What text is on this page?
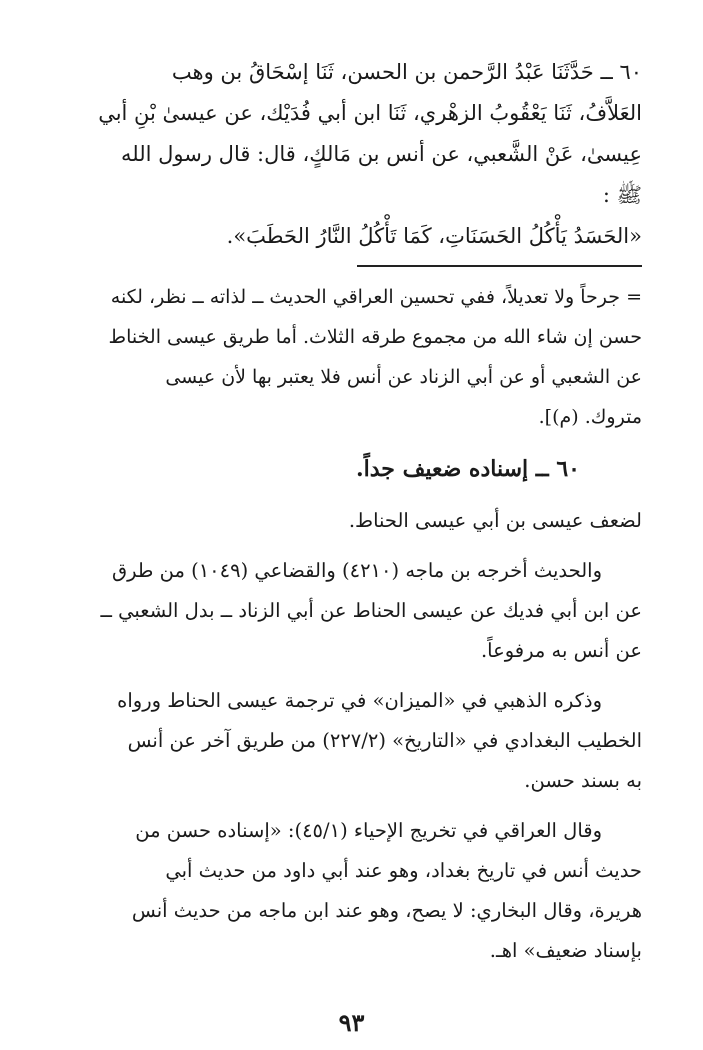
٦٠ ــ حَدَّثَنَا عَبْدُ الرَّحمن بن الحسن، ثَنَا إسْحَاقُ بن وهب
العَلاَّفُ، ثَنَا يَعْقُوبُ الزهْري، ثَنَا ابن أبي فُدَيْك، عن عيسىٰ بْنِ أبي
عِيسىٰ، عَنْ الشَّعبي، عن أنس بن مَالكٍ، قال: قال رسول الله
ﷺ :
«الحَسَدُ يَأْكُلُ الحَسَنَاتِ، كَمَا تَأْكُلُ النَّارُ الحَطَبَ».
= جرحاً ولا تعديلاً، ففي تحسين العراقي الحديث ــ لذاته ــ نظر، لكنه
حسن إن شاء الله من مجموع طرقه الثلاث. أما طريق عيسى الخناط
عن الشعبي أو عن أبي الزناد عن أنس فلا يعتبر بها لأن عيسى
متروك. (م)].
٦٠ ــ إسناده ضعيف جداً.
لضعف عيسى بن أبي عيسى الحناط.
والحديث أخرجه بن ماجه (٤٢١٠) والقضاعي (١٠٤٩) من طرق
عن ابن أبي فديك عن عيسى الحناط عن أبي الزناد ــ بدل الشعبي ــ
عن أنس به مرفوعاً.
وذكره الذهبي في «الميزان» في ترجمة عيسى الحناط ورواه
الخطيب البغدادي في «التاريخ» (٢٢٧/٢) من طريق آخر عن أنس
به بسند حسن.
وقال العراقي في تخريج الإحياء (٤٥/١): «إسناده حسن من
حديث أنس في تاريخ بغداد، وهو عند أبي داود من حديث أبي
هريرة، وقال البخاري: لا يصح، وهو عند ابن ماجه من حديث أنس
بإسناد ضعيف» اهـ.
٩٣
